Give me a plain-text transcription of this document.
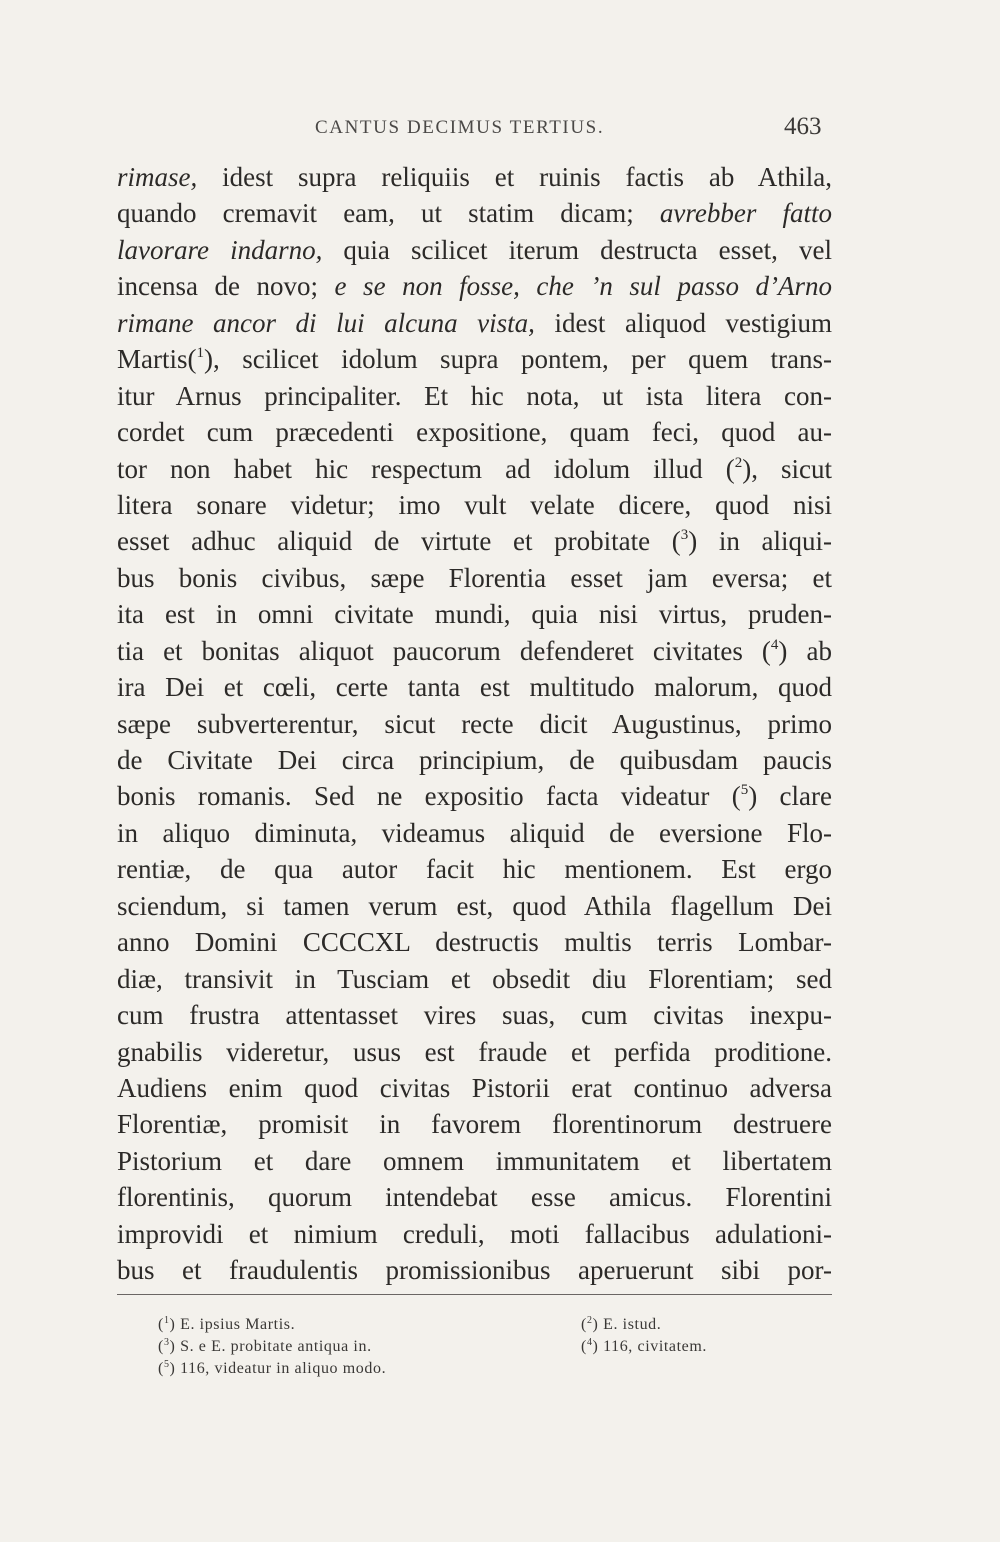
CANTUS DECIMUS TERTIUS.	463
rimase, idest supra reliquiis et ruinis factis ab Athila,
quando cremavit eam, ut statim dicam; avrebber fatto
lavorare indarno, quia scilicet iterum destructa esset, vel
incensa de novo; e se non fosse, che ’n sul passo d’Arno
rimane ancor di lui alcuna vista, idest aliquod vestigium
Martis($^1$), scilicet idolum supra pontem, per quem trans-
itur Arnus principaliter. Et hic nota, ut ista litera con-
cordet cum præcedenti expositione, quam feci, quod au-
tor non habet hic respectum ad idolum illud ($^2$), sicut
litera sonare videtur; imo vult velate dicere, quod nisi
esset adhuc aliquid de virtute et probitate ($^3$) in aliqui-
bus bonis civibus, sæpe Florentia esset jam eversa; et
ita est in omni civitate mundi, quia nisi virtus, pruden-
tia et bonitas aliquot paucorum defenderet civitates ($^4$) ab
ira Dei et cœli, certe tanta est multitudo malorum, quod
sæpe subverterentur, sicut recte dicit Augustinus, primo
de Civitate Dei circa principium, de quibusdam paucis
bonis romanis. Sed ne expositio facta videatur ($^5$) clare
in aliquo diminuta, videamus aliquid de eversione Flo-
rentiæ, de qua autor facit hic mentionem. Est ergo
sciendum, si tamen verum est, quod Athila flagellum Dei
anno Domini CCCCXL destructis multis terris Lombar-
diæ, transivit in Tusciam et obsedit diu Florentiam; sed
cum frustra attentasset vires suas, cum civitas inexpu-
gnabilis videretur, usus est fraude et perfida proditione.
Audiens enim quod civitas Pistorii erat continuo adversa
Florentiæ, promisit in favorem florentinorum destruere
Pistorium et dare omnem immunitatem et libertatem
florentinis, quorum intendebat esse amicus. Florentini
improvidi et nimium creduli, moti fallacibus adulationi-
bus et fraudulentis promissionibus aperuerunt sibi por-
($^1$) E. ipsius Martis.	($^2$) E. istud.
($^3$) S. e E. probitate antiqua in.	($^4$) 116, civitatem.
($^5$) 116, videatur in aliquo modo.
